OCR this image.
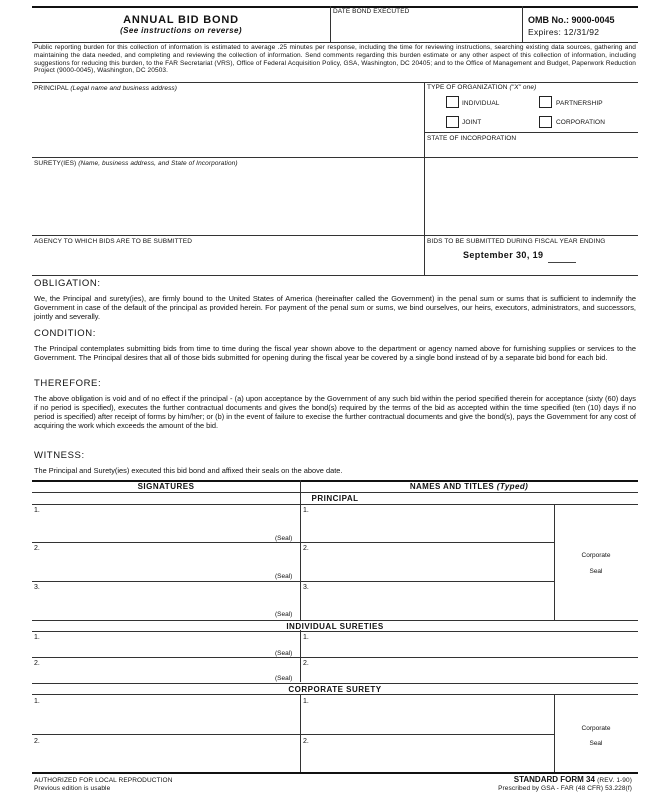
ANNUAL BID BOND
(See instructions on reverse)
DATE BOND EXECUTED
OMB No.: 9000-0045
Expires: 12/31/92
Public reporting burden for this collection of information is estimated to average .25 minutes per response, including the time for reviewing instructions, searching existing data sources, gathering and maintaining the data needed, and completing and reviewing the collection of information. Send comments regarding this burden estimate or any other aspect of this collection of information, including suggestions for reducing this burden, to the FAR Secretariat (VRS), Office of Federal Acquisition Policy, GSA, Washington, DC 20405; and to the Office of Management and Budget, Paperwork Reduction Project (9000-0045), Washington, DC 20503.
PRINCIPAL (Legal name and business address)	TYPE OF ORGANIZATION ("X" one)
INDIVIDUAL	PARTNERSHIP
JOINT	CORPORATION
STATE OF INCORPORATION
SURETY(IES) (Name, business address, and State of Incorporation)
AGENCY TO WHICH BIDS ARE TO BE SUBMITTED	BIDS TO BE SUBMITTED DURING FISCAL YEAR ENDING
September 30, 19
OBLIGATION:
We, the Principal and surety(ies), are firmly bound to the United States of America (hereinafter called the Government) in the penal sum or sums that is sufficient to indemnify the Government in case of the default of the principal as provided herein. For payment of the penal sum or sums, we bind ourselves, our heirs, executors, administrators, and successors, jointly and severally.
CONDITION:
The Principal contemplates submitting bids from time to time during the fiscal year shown above to the department or agency named above for furnishing supplies or services to the Government. The Principal desires that all of those bids submitted for opening during the fiscal year be covered by a single bond instead of by a separate bid bond for each bid.
THEREFORE:
The above obligation is void and of no effect if the principal - (a) upon acceptance by the Government of any such bid within the period specified therein for acceptance (sixty (60) days if no period is specified), executes the further contractual documents and gives the bond(s) required by the terms of the bid as accepted within the time specified (ten (10) days if no period is specified) after receipt of forms by him/her; or (b) in the event of failure to execise the further contractual documents and give the bond(s), pays the Government for any cost of acquiring the work which exceeds the amount of the bid.
WITNESS:
The Principal and Surety(ies) executed this bid bond and affixed their seals on the above date.
SIGNATURES	NAMES AND TITLES (Typed)
PRINCIPAL
1.	1.
(Seal)
2.	2.
(Seal)
3.	3.
(Seal)
Corporate
Seal
INDIVIDUAL SURETIES
1.	1.
(Seal)
2.	2.
(Seal)
CORPORATE SURETY
1.	1.
2.	2.
Corporate
Seal
AUTHORIZED FOR LOCAL REPRODUCTION
Previous edition is usable
STANDARD FORM 34 (REV. 1-90)
Prescribed by GSA - FAR (48 CFR) 53.228(f)
